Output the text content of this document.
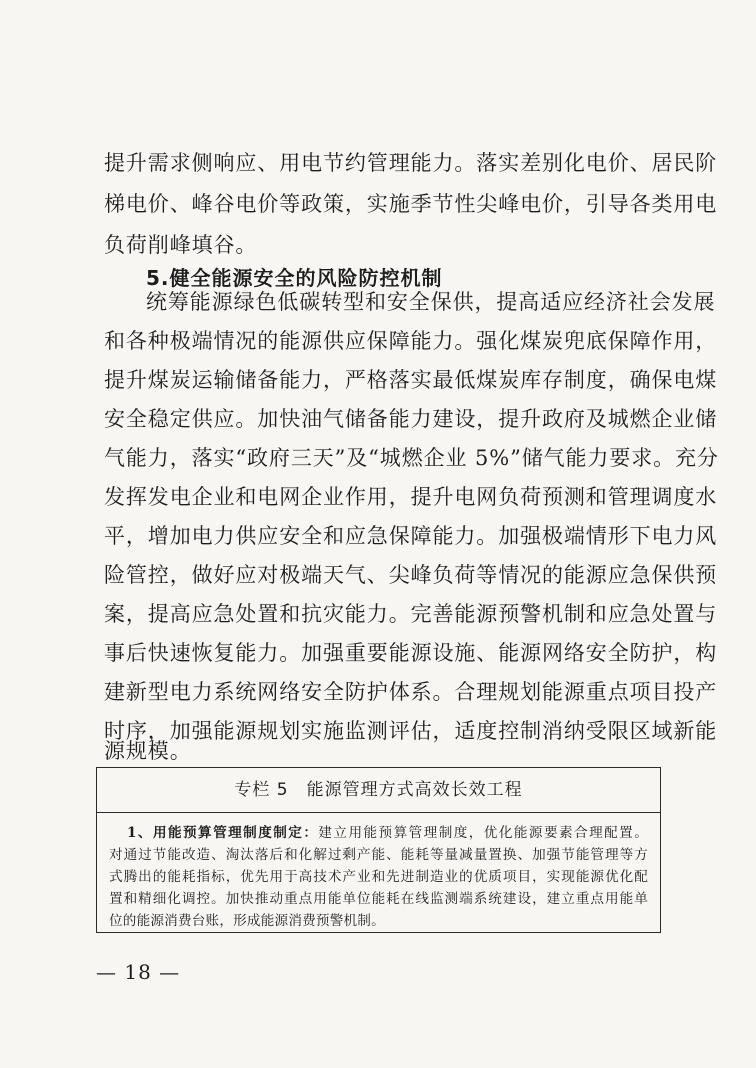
提升需求侧响应、用电节约管理能力。落实差别化电价、居民阶
梯电价、峰谷电价等政策，实施季节性尖峰电价，引导各类用电
负荷削峰填谷。
5.健全能源安全的风险防控机制
统筹能源绿色低碳转型和安全保供，提高适应经济社会发展
和各种极端情况的能源供应保障能力。强化煤炭兜底保障作用，
提升煤炭运输储备能力，严格落实最低煤炭库存制度，确保电煤
安全稳定供应。加快油气储备能力建设，提升政府及城燃企业储
气能力，落实“政府三天”及“城燃企业 5%”储气能力要求。充分
发挥发电企业和电网企业作用，提升电网负荷预测和管理调度水
平，增加电力供应安全和应急保障能力。加强极端情形下电力风
险管控，做好应对极端天气、尖峰负荷等情况的能源应急保供预
案，提高应急处置和抗灾能力。完善能源预警机制和应急处置与
事后快速恢复能力。加强重要能源设施、能源网络安全防护，构
建新型电力系统网络安全防护体系。合理规划能源重点项目投产
时序，加强能源规划实施监测评估，适度控制消纳受限区域新能
源规模。
专栏 5　能源管理方式高效长效工程
1、用能预算管理制度制定：建立用能预算管理制度，优化能源要素合理配置。
对通过节能改造、淘汰落后和化解过剩产能、能耗等量减量置换、加强节能管理等方
式腾出的能耗指标，优先用于高技术产业和先进制造业的优质项目，实现能源优化配
置和精细化调控。加快推动重点用能单位能耗在线监测端系统建设，建立重点用能单
位的能源消费台账，形成能源消费预警机制。
— 18 —
